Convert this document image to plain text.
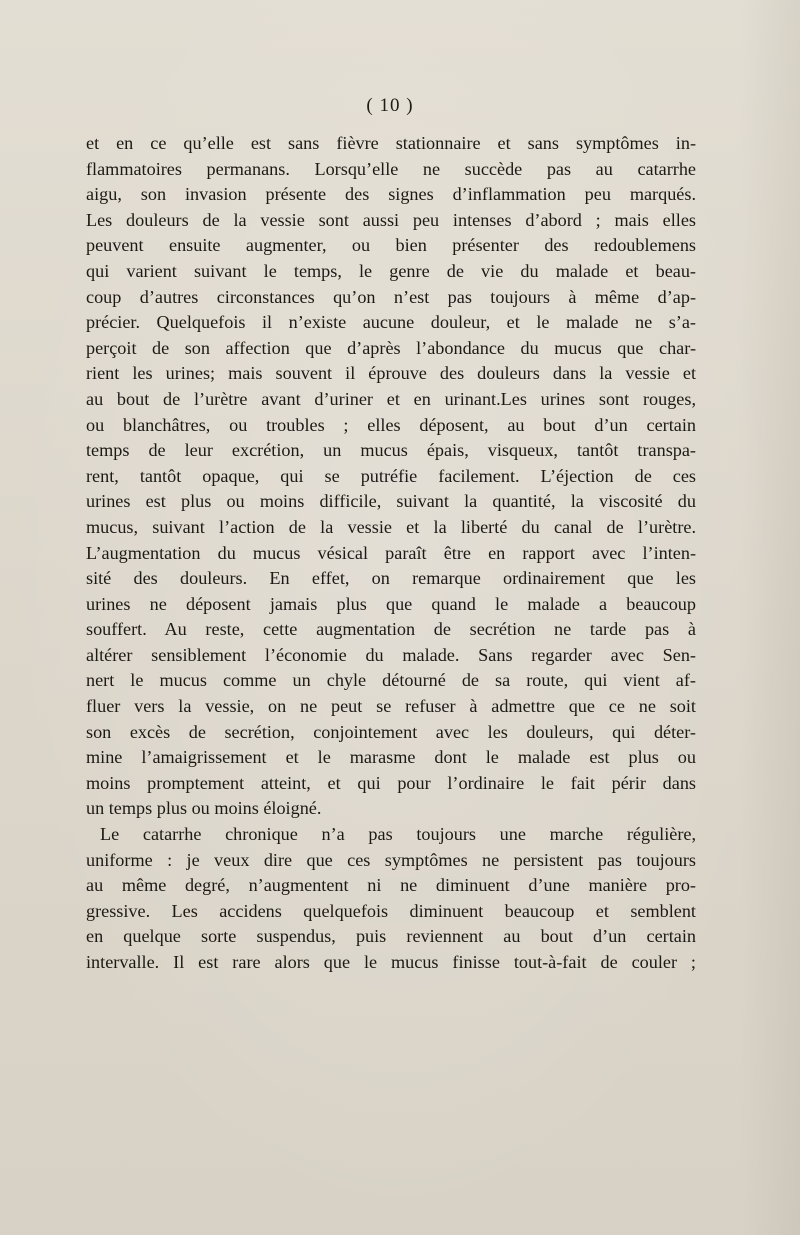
( 10 )
et en ce qu’elle est sans fièvre stationnaire et sans symptômes in-
flammatoires permanans. Lorsqu’elle ne succède pas au catarrhe
aigu, son invasion présente des signes d’inflammation peu marqués.
Les douleurs de la vessie sont aussi peu intenses d’abord ; mais elles
peuvent ensuite augmenter, ou bien présenter des redoublemens
qui varient suivant le temps, le genre de vie du malade et beau-
coup d’autres circonstances qu’on n’est pas toujours à même d’ap-
précier. Quelquefois il n’existe aucune douleur, et le malade ne s’a-
perçoit de son affection que d’après l’abondance du mucus que char-
rient les urines; mais souvent il éprouve des douleurs dans la vessie et
au bout de l’urètre avant d’uriner et en urinant.Les urines sont rouges,
ou blanchâtres, ou troubles ; elles déposent, au bout d’un certain
temps de leur excrétion, un mucus épais, visqueux, tantôt transpa-
rent, tantôt opaque, qui se putréfie facilement. L’éjection de ces
urines est plus ou moins difficile, suivant la quantité, la viscosité du
mucus, suivant l’action de la vessie et la liberté du canal de l’urètre.
L’augmentation du mucus vésical paraît être en rapport avec l’inten-
sité des douleurs. En effet, on remarque ordinairement que les
urines ne déposent jamais plus que quand le malade a beaucoup
souffert. Au reste, cette augmentation de secrétion ne tarde pas à
altérer sensiblement l’économie du malade. Sans regarder avec Sen-
nert le mucus comme un chyle détourné de sa route, qui vient af-
fluer vers la vessie, on ne peut se refuser à admettre que ce ne soit
son excès de secrétion, conjointement avec les douleurs, qui déter-
mine l’amaigrissement et le marasme dont le malade est plus ou
moins promptement atteint, et qui pour l’ordinaire le fait périr dans
un temps plus ou moins éloigné.
Le catarrhe chronique n’a pas toujours une marche régulière,
uniforme : je veux dire que ces symptômes ne persistent pas toujours
au même degré, n’augmentent ni ne diminuent d’une manière pro-
gressive. Les accidens quelquefois diminuent beaucoup et semblent
en quelque sorte suspendus, puis reviennent au bout d’un certain
intervalle. Il est rare alors que le mucus finisse tout-à-fait de couler ;
